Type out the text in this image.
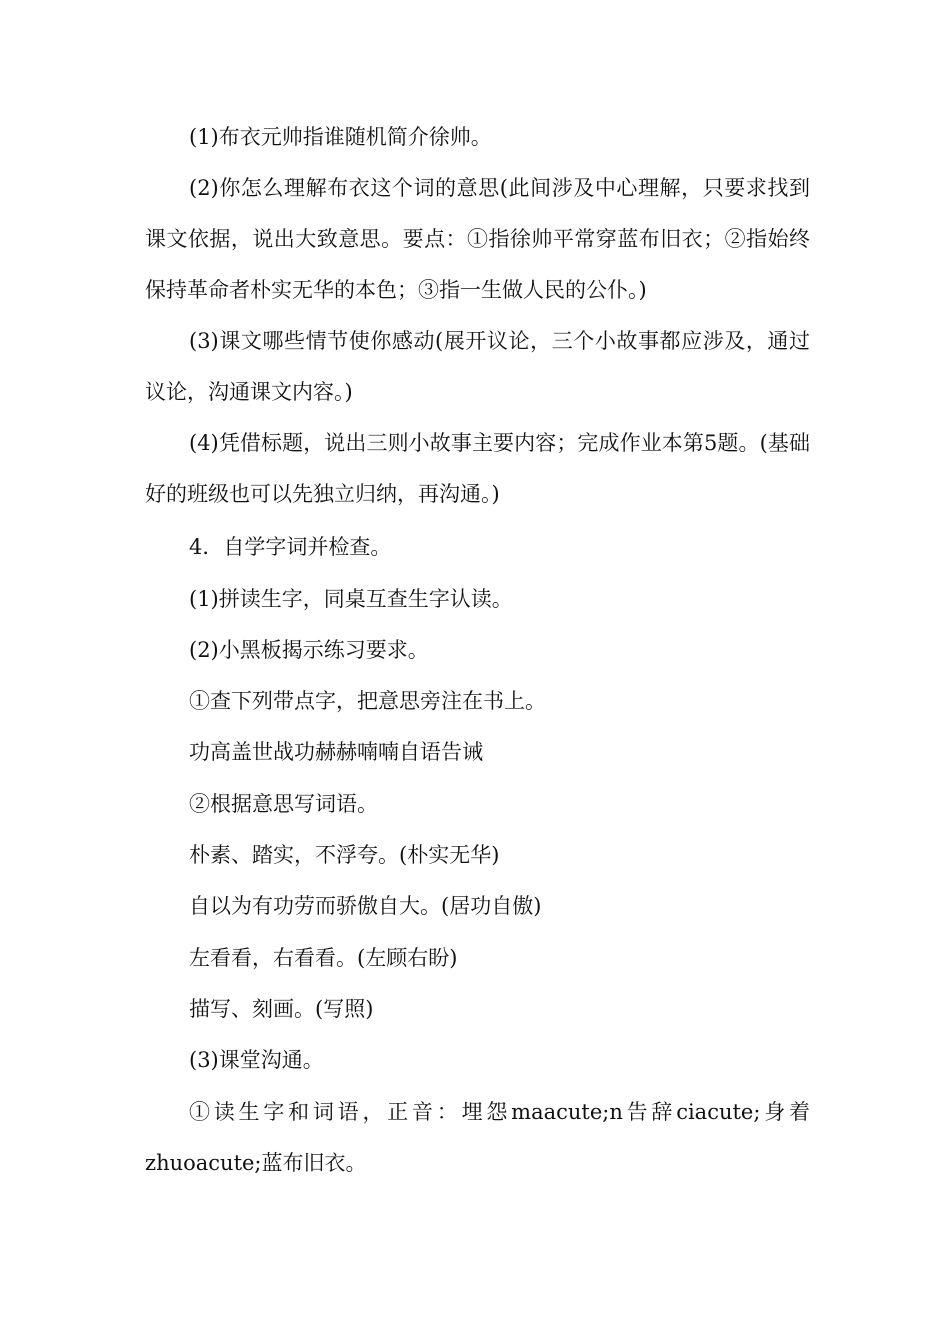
(1)布衣元帅指谁随机简介徐帅。

(2)你怎么理解布衣这个词的意思(此间涉及中心理解，只要求找到课文依据，说出大致意思。要点：①指徐帅平常穿蓝布旧衣；②指始终保持革命者朴实无华的本色；③指一生做人民的公仆。)

(3)课文哪些情节使你感动(展开议论，三个小故事都应涉及，通过议论，沟通课文内容。)

(4)凭借标题，说出三则小故事主要内容；完成作业本第5题。(基础好的班级也可以先独立归纳，再沟通。)

4．自学字词并检查。

(1)拼读生字，同桌互查生字认读。

(2)小黑板揭示练习要求。

①查下列带点字，把意思旁注在书上。

功高盖世战功赫赫喃喃自语告诫

②根据意思写词语。

朴素、踏实，不浮夸。(朴实无华)

自以为有功劳而骄傲自大。(居功自傲)

左看看，右看看。(左顾右盼)

描写、刻画。(写照)

(3)课堂沟通。

①读生字和词语，正音：埋怨maacute;n告辞ciacute;身着zhuoacute;蓝布旧衣。
